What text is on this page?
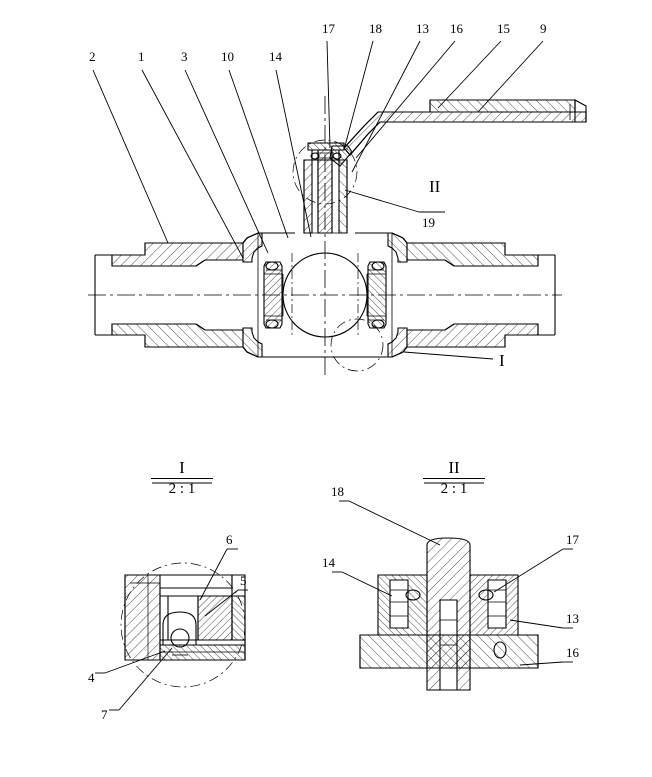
2	1	3	10	14
17	18	13 16	15 9
19
II
I
I
2 : 1
6
5
4
7
II
2 : 1
18
14
17
13
16
